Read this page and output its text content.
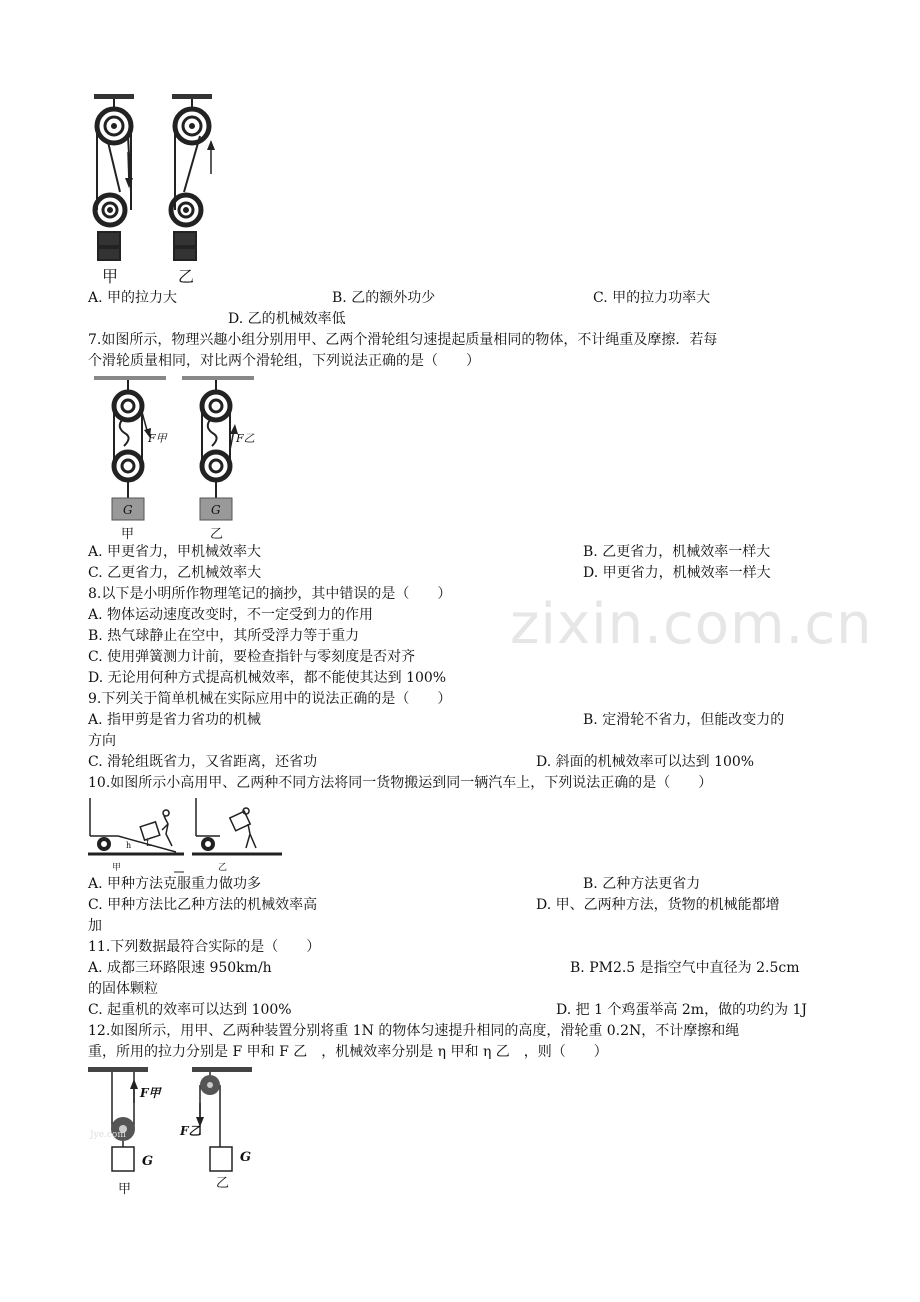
zixin.com.cn
甲	乙
A. 甲的拉力大	B. 乙的额外功少	C. 甲的拉力功率大
D. 乙的机械效率低
7.如图所示，物理兴趣小组分别用甲、乙两个滑轮组匀速提起质量相同的物体，不计绳重及摩擦．若每
个滑轮质量相同，对比两个滑轮组，下列说法正确的是（　　）
F甲	F乙
G	G
甲	乙
A. 甲更省力，甲机械效率大	B. 乙更省力，机械效率一样大
C. 乙更省力，乙机械效率大	D. 甲更省力，机械效率一样大
8.以下是小明所作物理笔记的摘抄，其中错误的是（　　）
A. 物体运动速度改变时，不一定受到力的作用
B. 热气球静止在空中，其所受浮力等于重力
C. 使用弹簧测力计前，要检查指针与零刻度是否对齐
D. 无论用何种方式提高机械效率，都不能使其达到 100%
9.下列关于简单机械在实际应用中的说法正确的是（　　）
A. 指甲剪是省力省功的机械	B. 定滑轮不省力，但能改变力的
方向
C. 滑轮组既省力，又省距离，还省功	D. 斜面的机械效率可以达到 100%
10.如图所示小高用甲、乙两种不同方法将同一货物搬运到同一辆汽车上，下列说法正确的是（　　）
h L
甲	乙
A. 甲种方法克服重力做功多	B. 乙种方法更省力
C. 甲种方法比乙种方法的机械效率高	D. 甲、乙两种方法，货物的机械能都增
加
11.下列数据最符合实际的是（　　）
A. 成都三环路限速 950km/h	B. PM2.5 是指空气中直径为 2.5cm
的固体颗粒
C. 起重机的效率可以达到 100%	D. 把 1 个鸡蛋举高 2m，做的功约为 1J
12.如图所示，用甲、乙两种装置分别将重 1N 的物体匀速提升相同的高度，滑轮重 0.2N，不计摩擦和绳
重，所用的拉力分别是 F 甲和 F 乙　，机械效率分别是 η 甲和 η 乙　，则（　　）
F甲
F乙
G	G
Jye.com
甲	乙
